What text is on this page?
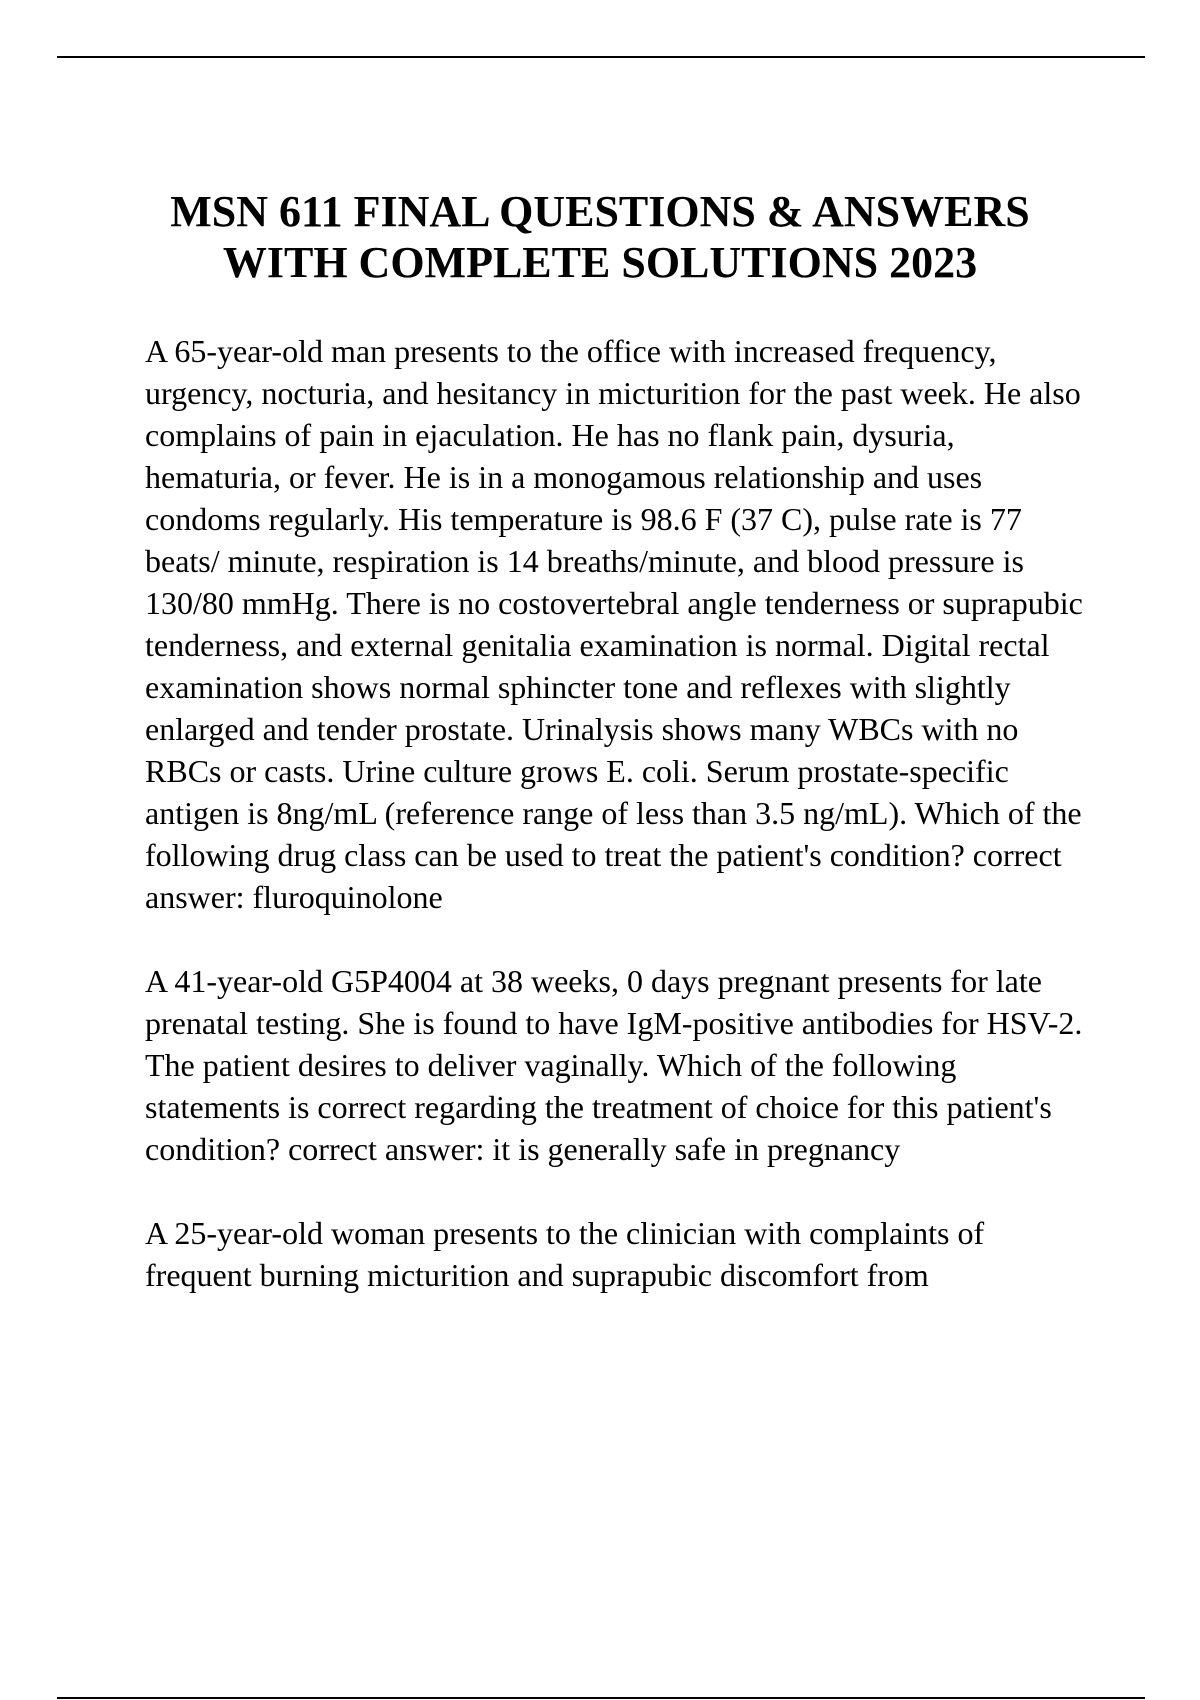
MSN 611 FINAL QUESTIONS & ANSWERS
WITH COMPLETE SOLUTIONS 2023

A 65-year-old man presents to the office with increased frequency, urgency, nocturia, and hesitancy in micturition for the past week. He also complains of pain in ejaculation. He has no flank pain, dysuria, hematuria, or fever. He is in a monogamous relationship and uses condoms regularly. His temperature is 98.6 F (37 C), pulse rate is 77 beats/ minute, respiration is 14 breaths/minute, and blood pressure is 130/80 mmHg. There is no costovertebral angle tenderness or suprapubic tenderness, and external genitalia examination is normal. Digital rectal examination shows normal sphincter tone and reflexes with slightly enlarged and tender prostate. Urinalysis shows many WBCs with no RBCs or casts. Urine culture grows E. coli. Serum prostate-specific antigen is 8ng/mL (reference range of less than 3.5 ng/mL). Which of the following drug class can be used to treat the patient's condition? correct answer: fluroquinolone

A 41-year-old G5P4004 at 38 weeks, 0 days pregnant presents for late prenatal testing. She is found to have IgM-positive antibodies for HSV-2. The patient desires to deliver vaginally. Which of the following statements is correct regarding the treatment of choice for this patient's condition? correct answer: it is generally safe in pregnancy

A 25-year-old woman presents to the clinician with complaints of frequent burning micturition and suprapubic discomfort from
